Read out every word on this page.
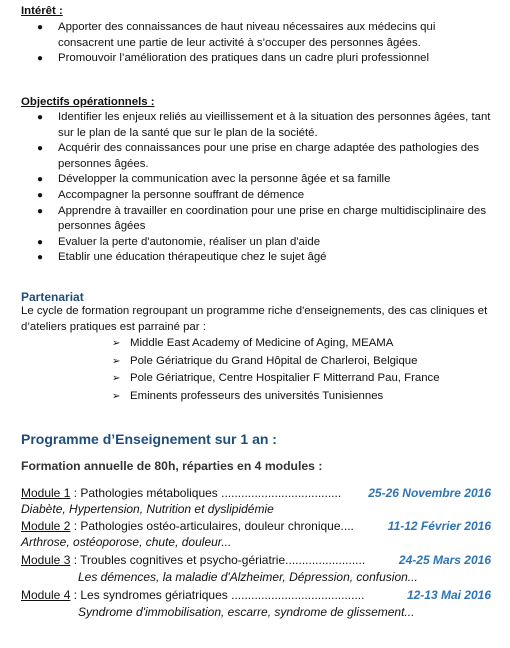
Intérêt :
● Apporter des connaissances de haut niveau nécessaires aux médecins qui consacrent une partie de leur activité à s’occuper des personnes âgées.
● Promouvoir l’amélioration des pratiques dans un cadre pluri professionnel
Objectifs opérationnels :
● Identifier les enjeux reliés au vieillissement et à la situation des personnes âgées, tant sur le plan de la santé que sur le plan de la société.
● Acquérir des connaissances pour une prise en charge adaptée des pathologies des personnes âgées.
● Développer la communication avec la personne âgée et sa famille
● Accompagner la personne souffrant de démence
● Apprendre à travailler en coordination pour une prise en charge multidisciplinaire des personnes âgées
● Evaluer la perte d'autonomie, réaliser un plan d'aide
● Etablir une éducation thérapeutique chez le sujet âgé
Partenariat
Le cycle de formation regroupant un programme riche d'enseignements, des cas cliniques et d’ateliers pratiques est parrainé par :
➢ Middle East Academy of Medicine of Aging, MEAMA
➢ Pole Gériatrique du Grand Hôpital de Charleroi, Belgique
➢ Pole Gériatrique, Centre Hospitalier F Mitterrand Pau, France
➢ Eminents professeurs des universités Tunisiennes
Programme d’Enseignement sur 1 an :
Formation annuelle de 80h, réparties en 4 modules :
Module 1 : Pathologies métaboliques .................................... 25-26 Novembre 2016
Diabète, Hypertension, Nutrition et dyslipidémie
Module 2 : Pathologies ostéo-articulaires, douleur chronique....	11-12 Février 2016
Arthrose, ostéoporose, chute, douleur...
Module 3 : Troubles cognitives et psycho-gériatrie........................	24-25 Mars 2016
Les démences, la maladie d'Alzheimer, Dépression, confusion...
Module 4 : Les syndromes gériatriques ........................................	12-13 Mai 2016
Syndrome d'immobilisation, escarre, syndrome de glissement...
